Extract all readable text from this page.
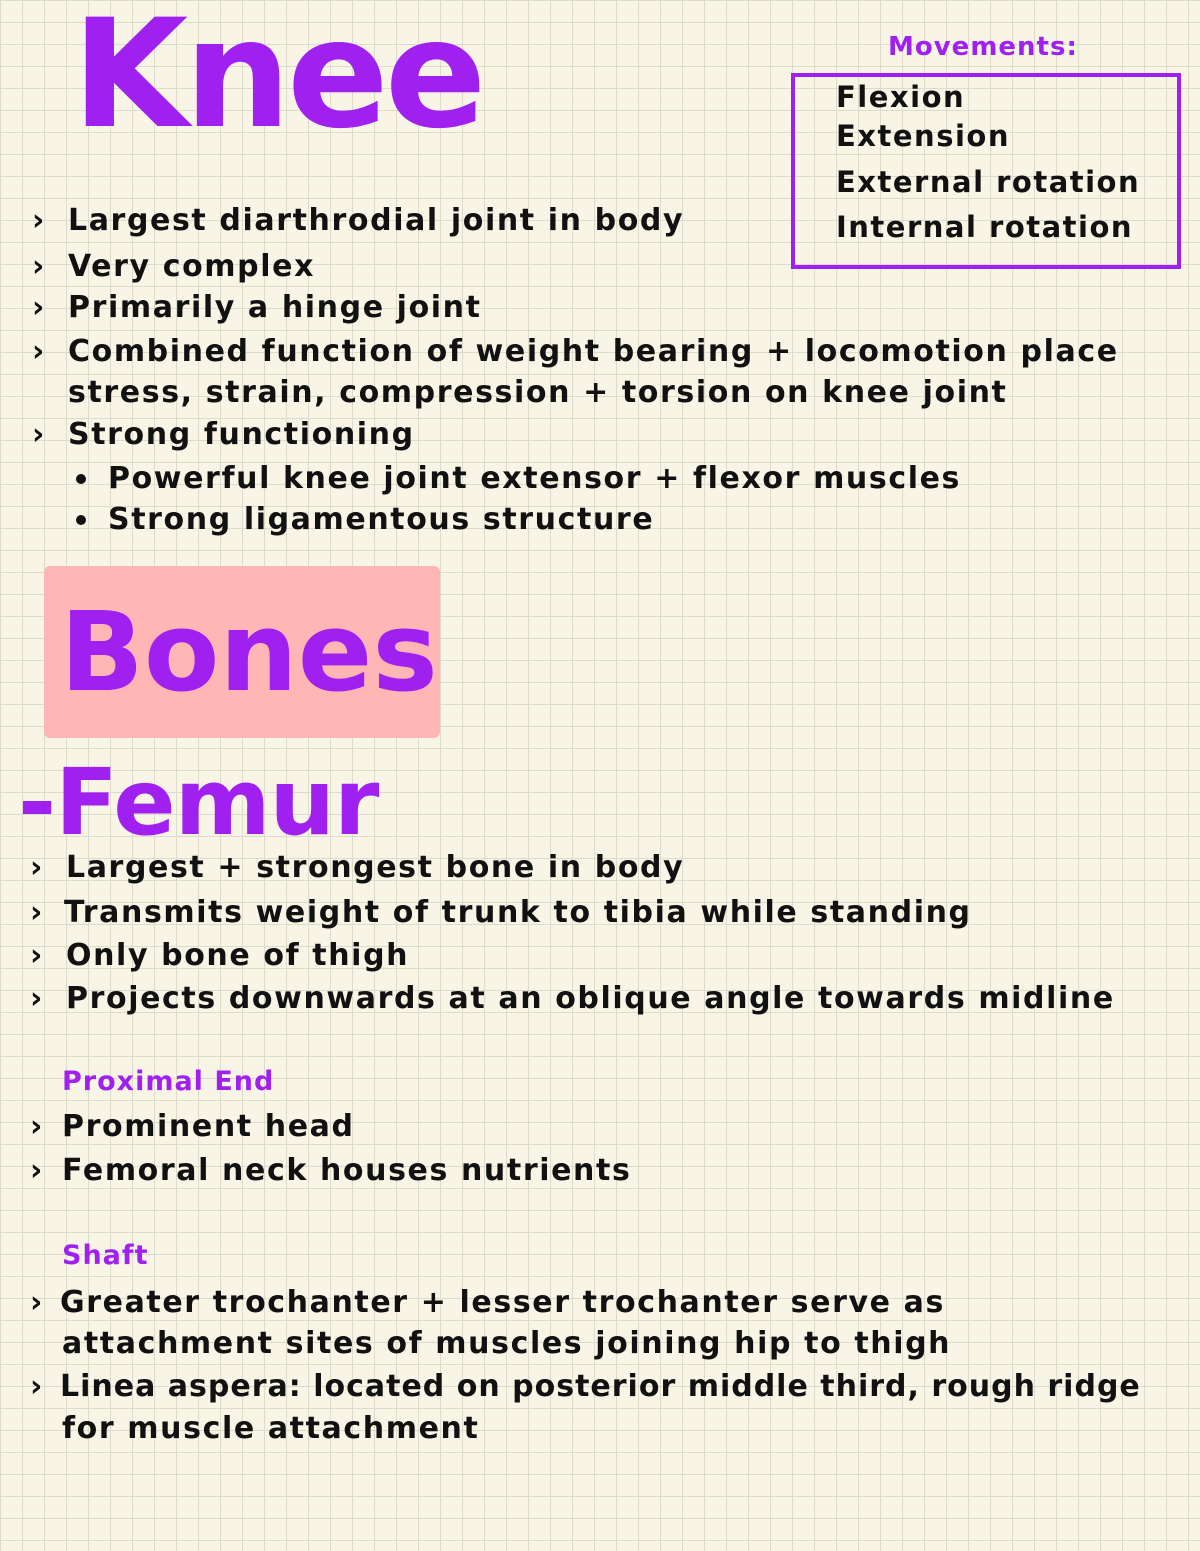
Knee	Movements:
Flexion
Extension
External rotation
Internal rotation
› Largest diarthrodial joint in body
› Very complex
› Primarily a hinge joint
› Combined function of weight bearing + locomotion place
stress, strain, compression + torsion on knee joint
› Strong functioning
Powerful knee joint extensor + flexor muscles
Strong ligamentous structure
Bones
-Femur
› Largest + strongest bone in body
› Transmits weight of trunk to tibia while standing
› Only bone of thigh
› Projects downwards at an oblique angle towards midline
Proximal End
› Prominent head
› Femoral neck houses nutrients
Shaft
› Greater trochanter + lesser trochanter serve as
attachment sites of muscles joining hip to thigh
› Linea aspera: located on posterior middle third, rough ridge
for muscle attachment
